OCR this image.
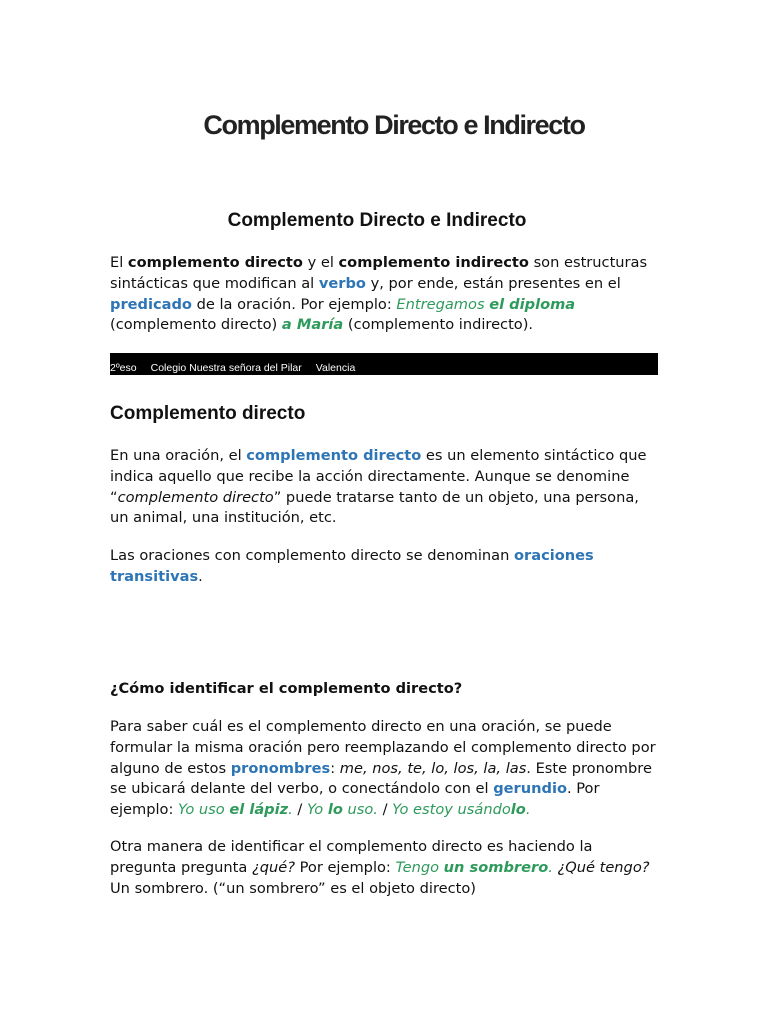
Complemento Directo e Indirecto
Complemento Directo e Indirecto

El complemento directo y el complemento indirecto son estructuras sintácticas que modifican al verbo y, por ende, están presentes en el predicado de la oración. Por ejemplo: Entregamos el diploma (complemento directo) a María (complemento indirecto).

2ºeso Colegio Nuestra señora del Pilar Valencia
Complemento directo

En una oración, el complemento directo es un elemento sintáctico que indica aquello que recibe la acción directamente. Aunque se denomine “complemento directo” puede tratarse tanto de un objeto, una persona, un animal, una institución, etc.

Las oraciones con complemento directo se denominan oraciones transitivas.

¿Cómo identificar el complemento directo?

Para saber cuál es el complemento directo en una oración, se puede formular la misma oración pero reemplazando el complemento directo por alguno de estos pronombres: me, nos, te, lo, los, la, las. Este pronombre se ubicará delante del verbo, o conectándolo con el gerundio. Por ejemplo: Yo uso el lápiz. / Yo lo uso. / Yo estoy usándolo.

Otra manera de identificar el complemento directo es haciendo la pregunta pregunta ¿qué? Por ejemplo: Tengo un sombrero. ¿Qué tengo? Un sombrero. (“un sombrero” es el objeto directo)
